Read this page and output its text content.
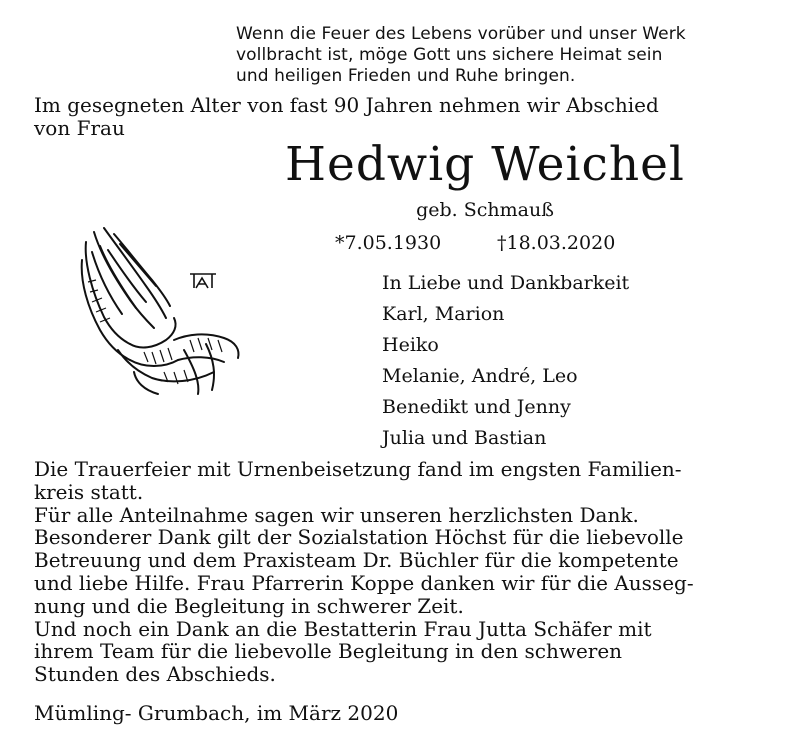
Wenn die Feuer des Lebens vorüber und unser Werk
vollbracht ist, möge Gott uns sichere Heimat sein
und heiligen Frieden und Ruhe bringen.
Im gesegneten Alter von fast 90 Jahren nehmen wir Abschied
von Frau
Hedwig Weichel
geb. Schmauß
*7.05.1930	†18.03.2020
In Liebe und Dankbarkeit
Karl, Marion
Heiko
Melanie, André, Leo
Benedikt und Jenny
Julia und Bastian
Die Trauerfeier mit Urnenbeisetzung fand im engsten Familien-
kreis statt.
Für alle Anteilnahme sagen wir unseren herzlichsten Dank.
Besonderer Dank gilt der Sozialstation Höchst für die liebevolle
Betreuung und dem Praxisteam Dr. Büchler für die kompetente
und liebe Hilfe. Frau Pfarrerin Koppe danken wir für die Ausseg-
nung und die Begleitung in schwerer Zeit.
Und noch ein Dank an die Bestatterin Frau Jutta Schäfer mit
ihrem Team für die liebevolle Begleitung in den schweren
Stunden des Abschieds.
Mümling- Grumbach, im März 2020
